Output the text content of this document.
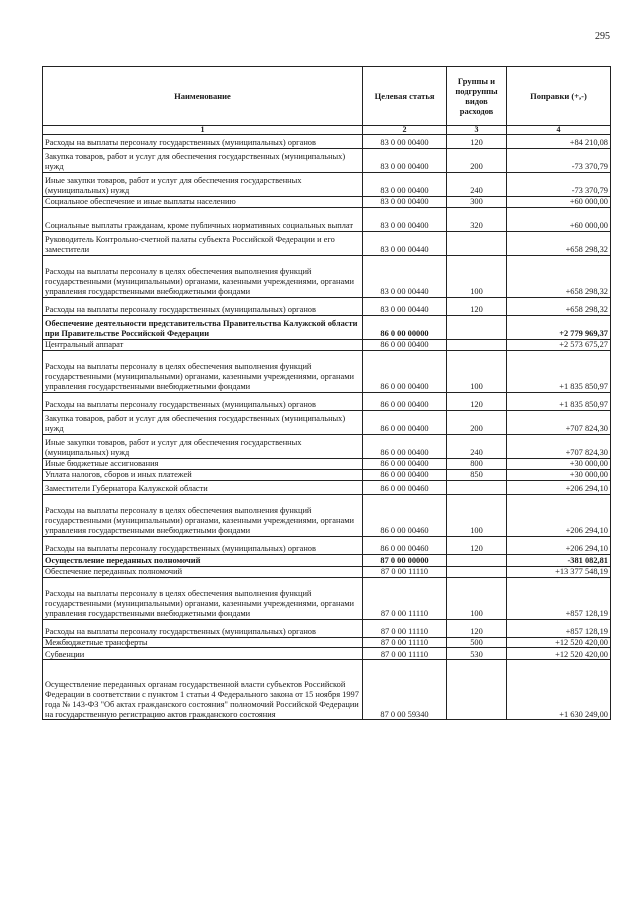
295
Наименование	Целевая статья	Группы и подгруппы видов расходов	Поправки (+,-)
1	2	3	4
Расходы на выплаты персоналу государственных (муниципальных) органов	83 0 00 00400	120	+84 210,08
Закупка товаров, работ и услуг для обеспечения государственных (муниципальных) нужд	83 0 00 00400	200	-73 370,79
Иные закупки товаров, работ и услуг для обеспечения государственных (муниципальных) нужд	83 0 00 00400	240	-73 370,79
Социальное обеспечение и иные выплаты населению	83 0 00 00400	300	+60 000,00
Социальные выплаты гражданам, кроме публичных нормативных социальных выплат	83 0 00 00400	320	+60 000,00
Руководитель Контрольно-счетной палаты субъекта Российской Федерации и его заместители	83 0 00 00440		+658 298,32
Расходы на выплаты персоналу в целях обеспечения выполнения функций государственными (муниципальными) органами, казенными учреждениями, органами управления государственными внебюджетными фондами	83 0 00 00440	100	+658 298,32
Расходы на выплаты персоналу государственных (муниципальных) органов	83 0 00 00440	120	+658 298,32
Обеспечение деятельности представительства Правительства Калужской области при Правительстве Российской Федерации	86 0 00 00000		+2 779 969,37
Центральный аппарат	86 0 00 00400		+2 573 675,27
Расходы на выплаты персоналу в целях обеспечения выполнения функций государственными (муниципальными) органами, казенными учреждениями, органами управления государственными внебюджетными фондами	86 0 00 00400	100	+1 835 850,97
Расходы на выплаты персоналу государственных (муниципальных) органов	86 0 00 00400	120	+1 835 850,97
Закупка товаров, работ и услуг для обеспечения государственных (муниципальных) нужд	86 0 00 00400	200	+707 824,30
Иные закупки товаров, работ и услуг для обеспечения государственных (муниципальных) нужд	86 0 00 00400	240	+707 824,30
Иные бюджетные ассигнования	86 0 00 00400	800	+30 000,00
Уплата налогов, сборов и иных платежей	86 0 00 00400	850	+30 000,00
Заместители Губернатора Калужской области	86 0 00 00460		+206 294,10
Расходы на выплаты персоналу в целях обеспечения выполнения функций государственными (муниципальными) органами, казенными учреждениями, органами управления государственными внебюджетными фондами	86 0 00 00460	100	+206 294,10
Расходы на выплаты персоналу государственных (муниципальных) органов	86 0 00 00460	120	+206 294,10
Осуществление переданных полномочий	87 0 00 00000		-381 082,81
Обеспечение переданных полномочий	87 0 00 11110		+13 377 548,19
Расходы на выплаты персоналу в целях обеспечения выполнения функций государственными (муниципальными) органами, казенными учреждениями, органами управления государственными внебюджетными фондами	87 0 00 11110	100	+857 128,19
Расходы на выплаты персоналу государственных (муниципальных) органов	87 0 00 11110	120	+857 128,19
Межбюджетные трансферты	87 0 00 11110	500	+12 520 420,00
Субвенции	87 0 00 11110	530	+12 520 420,00
Осуществление переданных органам государственной власти субъектов Российской Федерации в соответствии с пунктом 1 статьи 4 Федерального закона от 15 ноября 1997 года № 143-ФЗ "Об актах гражданского состояния" полномочий Российской Федерации на государственную регистрацию актов гражданского состояния	87 0 00 59340		+1 630 249,00
